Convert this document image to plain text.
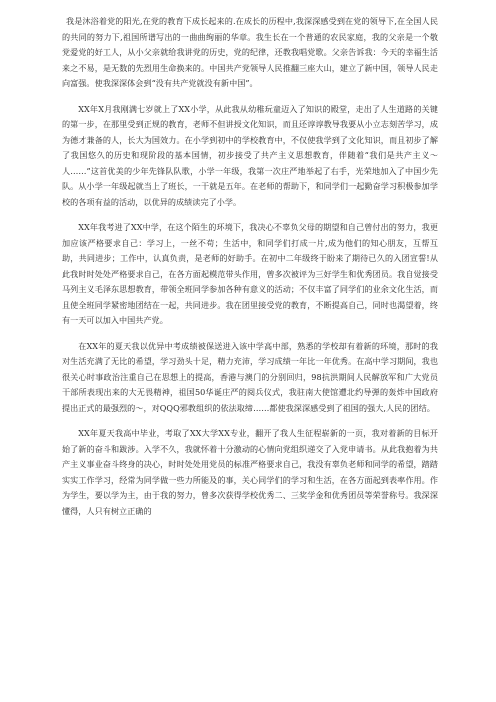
我是沐浴着党的阳光,在党的教育下成长起来的.在成长的历程中,我深深感受到在党的领导下,在全国人民的共同的努力下,祖国所谱写出的一曲曲绚丽的华章。我生长在一个普通的农民家庭，我的父亲是一个敬党爱党的好工人，从小父亲就给我讲党的历史，党的纪律，还教我唱党歌。父亲告诉我：今天的幸福生活来之不易，是无数的先烈用生命换来的。中国共产党领导人民推翻三座大山，建立了新中国，领导人民走向富强。使我深深体会到“没有共产党就没有新中国”。

XX年X月我刚满七岁就上了XX小学，从此我从幼稚玩童迈入了知识的殿堂，走出了人生道路的关键的第一步，在那里受到正规的教育，老师不但讲授文化知识，而且还谆谆教导我要从小立志刻苦学习，成为德才兼备的人，长大为国效力。在小学到初中的学校教育中，不仅使我学到了文化知识，而且初步了解了我国悠久的历史和现阶段的基本国情，初步接受了共产主义思想教育，伴随着“我们是共产主义～人……”这首优美的少年先锋队队歌，小学一年级，我第一次庄严地举起了右手，光荣地加入了中国少先队。从小学一年级起就当上了班长，一干就是五年。在老师的帮助下，和同学们一起勤奋学习积极参加学校的各项有益的活动，以优异的成绩读完了小学。

XX年我考进了XX中学，在这个陌生的环境下，我决心不辜负父母的期望和自己曾付出的努力，我更加应该严格要求自己：学习上，一丝不苟；生活中，和同学们打成一片,成为他们的知心朋友，互帮互助，共同进步；工作中，认真负责，是老师的好助手。在初中二年级终于盼来了期待已久的入团宣誓!从此我时时处处严格要求自己，在各方面起模范带头作用，曾多次被评为三好学生和优秀团员。我自觉接受马列主义毛泽东思想教育，带领全班同学参加各种有意义的活动；不仅丰富了同学们的业余文化生活，而且使全班同学紧密地团结在一起，共同进步。我在团里接受党的教育，不断提高自己，同时也渴望着，终有一天可以加入中国共产党。

在XX年的夏天我以优异中考成绩被保送进入该中学高中部，熟悉的学校却有着新的环境，那时的我对生活充满了无比的希望，学习劲头十足，精力充沛，学习成绩一年比一年优秀。在高中学习期间，我也很关心时事政治注重自己在思想上的提高，香港与澳门的分别回归，98抗洪期间人民解放军和广大党员干部所表现出来的大无畏精神，祖国50华诞庄严的阅兵仪式，我驻南大使馆遭北约导弹的轰炸中国政府提出正式的最强烈的～，对QQQ邪教组织的依法取缔……都使我深深感受到了祖国的强大,人民的团结。

XX年夏天我高中毕业，考取了XX大学XX专业，翻开了我人生征程崭新的一页，我对着新的目标开始了新的奋斗和跋涉。入学不久，我就怀着十分激动的心情向党组织递交了入党申请书。从此我抱着为共产主义事业奋斗终身的决心，时时处处用党员的标准严格要求自己，我没有辜负老师和同学的希望，踏踏实实工作学习，经常为同学做一些力所能及的事，关心同学们的学习和生活，在各方面起到表率作用。作为学生，要以学为主，由于我的努力，曾多次获得学校优秀二、三奖学金和优秀团员等荣誉称号。我深深懂得，人只有树立正确的
